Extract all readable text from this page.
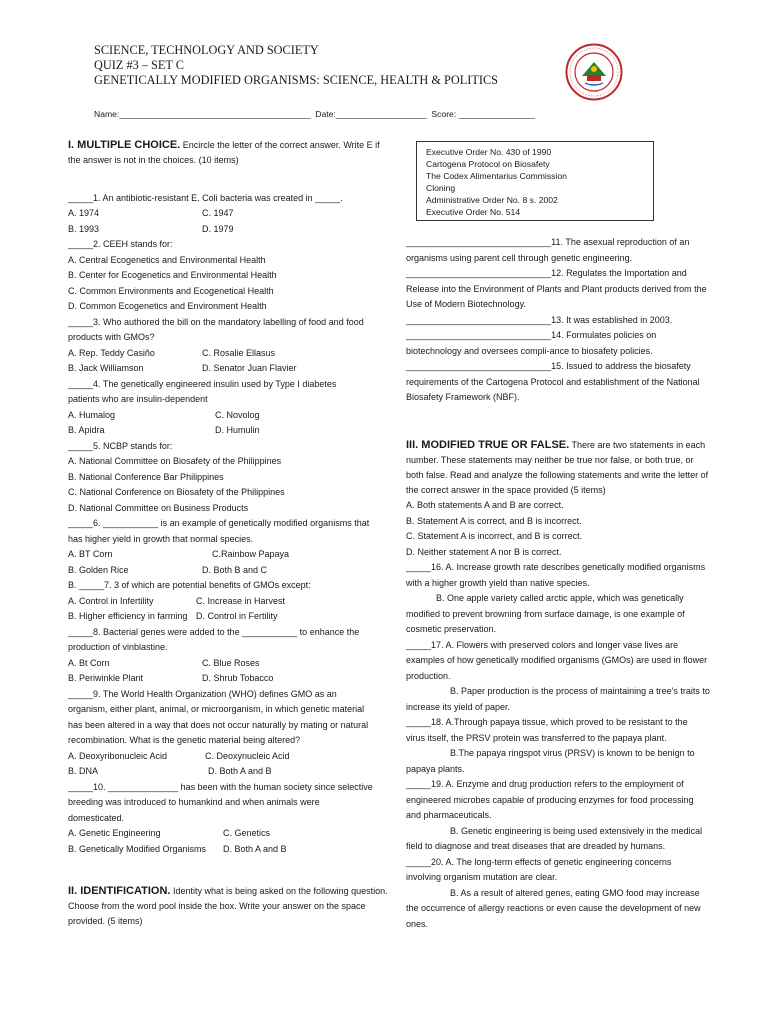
SCIENCE, TECHNOLOGY AND SOCIETY
QUIZ #3 – SET C
GENETICALLY MODIFIED ORGANISMS: SCIENCE, HEALTH & POLITICS
Name:________________________________________  Date:___________________  Score: ________________
I. MULTIPLE CHOICE. Encircle the letter of the correct answer. Write E if
the answer is not in the choices. (10 items)
_____1. An antibiotic-resistant E. Coli bacteria was created in _____.
A. 1974	C. 1947
B. 1993	D. 1979
_____2. CEEH stands for:
A. Central Ecogenetics and Environmental Health
B. Center for Ecogenetics and Environmental Health
C. Common Environments and Ecogenetical Health
D. Common Ecogenetics and Environment Health
_____3. Who authored the bill on the mandatory labelling of food and food
products with GMOs?
A. Rep. Teddy Casiño	C. Rosalie Ellasus
B. Jack Williamson	D. Senator Juan Flavier
_____4. The genetically engineered insulin used by Type I diabetes
patients who are insulin-dependent
A. Humalog	C. Novolog
B. Apidra	D. Humulin
_____5. NCBP stands for:
A. National Committee on Biosafety of the Philippines
B. National Conference Bar Philippines
C. National Conference on Biosafety of the Philippines
D. National Committee on Business Products
_____6. ___________ is an example of genetically modified organisms that
has higher yield in growth that normal species.
A. BT Corn	C.Rainbow Papaya
B. Golden Rice	D. Both B and C
B. _____7. 3 of which are potential benefits of GMOs except:
A. Control in Infertility	C. Increase in Harvest
B. Higher efficiency in farming D. Control in Fertility
_____8. Bacterial genes were added to the ___________ to enhance the
production of vinblastine.
A. Bt Corn	C. Blue Roses
B. Periwinkle Plant	D. Shrub Tobacco
_____9. The World Health Organization (WHO) defines GMO as an
organism, either plant, animal, or microorganism, in which genetic material
has been altered in a way that does not occur naturally by mating or natural
recombination. What is the genetic material being altered?
A. Deoxyribonucleic Acid	C. Deoxynucleic Acid
B. DNA	D. Both A and B
_____10. ______________ has been with the human society since selective
breeding was introduced to humankind and when animals were
domesticated.
A. Genetic Engineering	C. Genetics
B. Genetically Modified Organisms D. Both A and B
II. IDENTIFICATION. Identity what is being asked on the following question.
Choose from the word pool inside the box. Write your answer on the space
provided. (5 items)
Executive Order No. 430 of 1990
Cartogena Protocol on Biosafety
The Codex Alimentarius Commission
Cloning
Administrative Order No. 8 s. 2002
Executive Order No. 514
_____________________________11. The asexual reproduction of an
organisms using parent cell through genetic engineering.
_____________________________12. Regulates the Importation and
Release into the Environment of Plants and Plant products derived from the
Use of Modern Biotechnology.
_____________________________13. It was established in 2003.
_____________________________14. Formulates policies on
biotechnology and oversees compli-ance to biosafety policies.
_____________________________15. Issued to address the biosafety
requirements of the Cartogena Protocol and establishment of the National
Biosafety Framework (NBF).
III. MODIFIED TRUE OR FALSE. There are two statements in each
number. These statements may neither be true nor false, or both true, or
both false. Read and analyze the following statements and write the letter of
the correct answer in the space provided (5 items)
A. Both statements A and B are correct.
B. Statement A is correct, and B is incorrect.
C. Statement A is incorrect, and B is correct.
D. Neither statement A nor B is correct.
_____16. A. Increase growth rate describes genetically modified organisms
with a higher growth yield than native species.
B. One apple variety called arctic apple, which was genetically
modified to prevent browning from surface damage, is one example of
cosmetic preservation.
_____17. A. Flowers with preserved colors and longer vase lives are
examples of how genetically modified organisms (GMOs) are used in flower
production.
B. Paper production is the process of maintaining a tree's traits to
increase its yield of paper.
_____18. A.Through papaya tissue, which proved to be resistant to the
virus itself, the PRSV protein was transferred to the papaya plant.
B.The papaya ringspot virus (PRSV) is known to be benign to
papaya plants.
_____19. A. Enzyme and drug production refers to the employment of
engineered microbes capable of producing enzymes for food processing
and pharmaceuticals.
B. Genetic engineering is being used extensively in the medical
field to diagnose and treat diseases that are dreaded by humans.
_____20. A. The long-term effects of genetic engineering concerns
involving organism mutation are clear.
B. As a result of altered genes, eating GMO food may increase
the occurrence of allergy reactions or even cause the development of new
ones.
